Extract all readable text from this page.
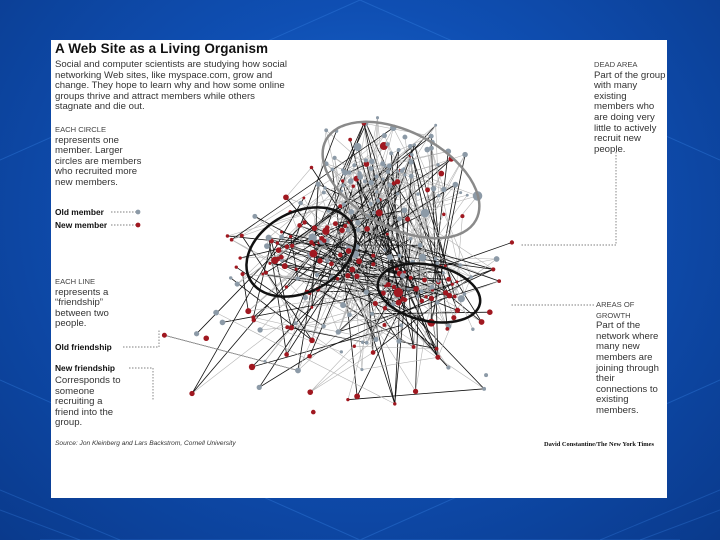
A Web Site as a Living Organism

Social and computer scientists are studying how social networking Web sites, like myspace.com, grow and change. They hope to learn why and how some online groups thrive and attract members while others stagnate and die out.

EACH CIRCLE represents one member. Larger circles are members who recruited more new members.

Old member
New member

EACH LINE represents a “friendship” between two people.

Old friendship
New friendship

Corresponds to someone recruiting a friend into the group.

DEAD AREA
Part of the group with many existing members who are doing very little to actively recruit new people.

AREAS OF GROWTH
Part of the network where many new members are joining through their connections to existing members.

Source: Jon Kleinberg and Lars Backstrom, Cornell University	David Constantine/The New York Times
